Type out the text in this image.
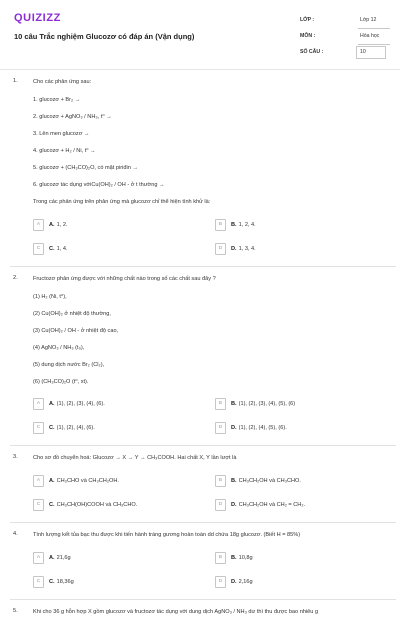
QUIZIZZ
10 câu Trắc nghiệm Glucozơ có đáp án (Vận dụng)
LỚP :	Lớp 12
MÔN :	Hóa học
SỐ CÂU :	10
1.	Cho các phản ứng sau:
1. glucozơ + Br₂ →
2. glucozơ + AgNO₃ / NH₃, t⁰ →
3. Lên men glucozơ →
4. glucozơ + H₂ / Ni, t⁰ →
5. glucozơ + (CH₃CO)₂O, có mặt piriđin →
6. glucozơ tác dụng vớiCu(OH)₂ / OH - ở t thường →
Trong các phản ứng trên phản ứng mà glucozơ chỉ thể hiện tính khử là:
A	A. 1, 2.	B	B. 1, 2, 4.
C	C. 1, 4.	D	D. 1, 3, 4.
2.	Fructozơ phản ứng được với những chất nào trong số các chất sau đây ?
(1) H₂ (Ni, t⁰),
(2) Cu(OH)₂ ở nhiệt độ thường,
(3) Cu(OH)₂ / OH - ở nhiệt độ cao,
(4) AgNO₃ / NH₃ (t₀),
(5) dung dịch nước Br₂ (Cl₂),
(6) (CH₃CO)₂O (t⁰, xt).
A	A. (1), (2), (3), (4), (6).	B	B. (1), (2), (3), (4), (5), (6)
C	C. (1), (2), (4), (6).	D	D. (1), (2), (4), (5), (6).
3.	Cho sơ đồ chuyển hoá: Glucozơ → X → Y → CH₃COOH. Hai chất X, Y lần lượt là
A	A. CH₃CHO và CH₃CH₂OH.	B	B. CH₃CH₂OH và CH₃CHO.
C	C. CH₃CH(OH)COOH và CH₃CHO.	D	D. CH₃CH₂OH và CH₂ = CH₂.
4.	Tính lượng kết tủa bạc thu được khi tiến hành tráng gương hoàn toàn dd chứa 18g glucozơ. (Biết H = 85%)
A	A. 21,6g	B	B. 10,8g
C	C. 18,36g	D	D. 2,16g
5.	Khi cho 36 g hỗn hợp X gồm glucozơ và fructozơ tác dụng với dung dịch AgNO₃ / NH₃ dư thì thu được bao nhiêu g
